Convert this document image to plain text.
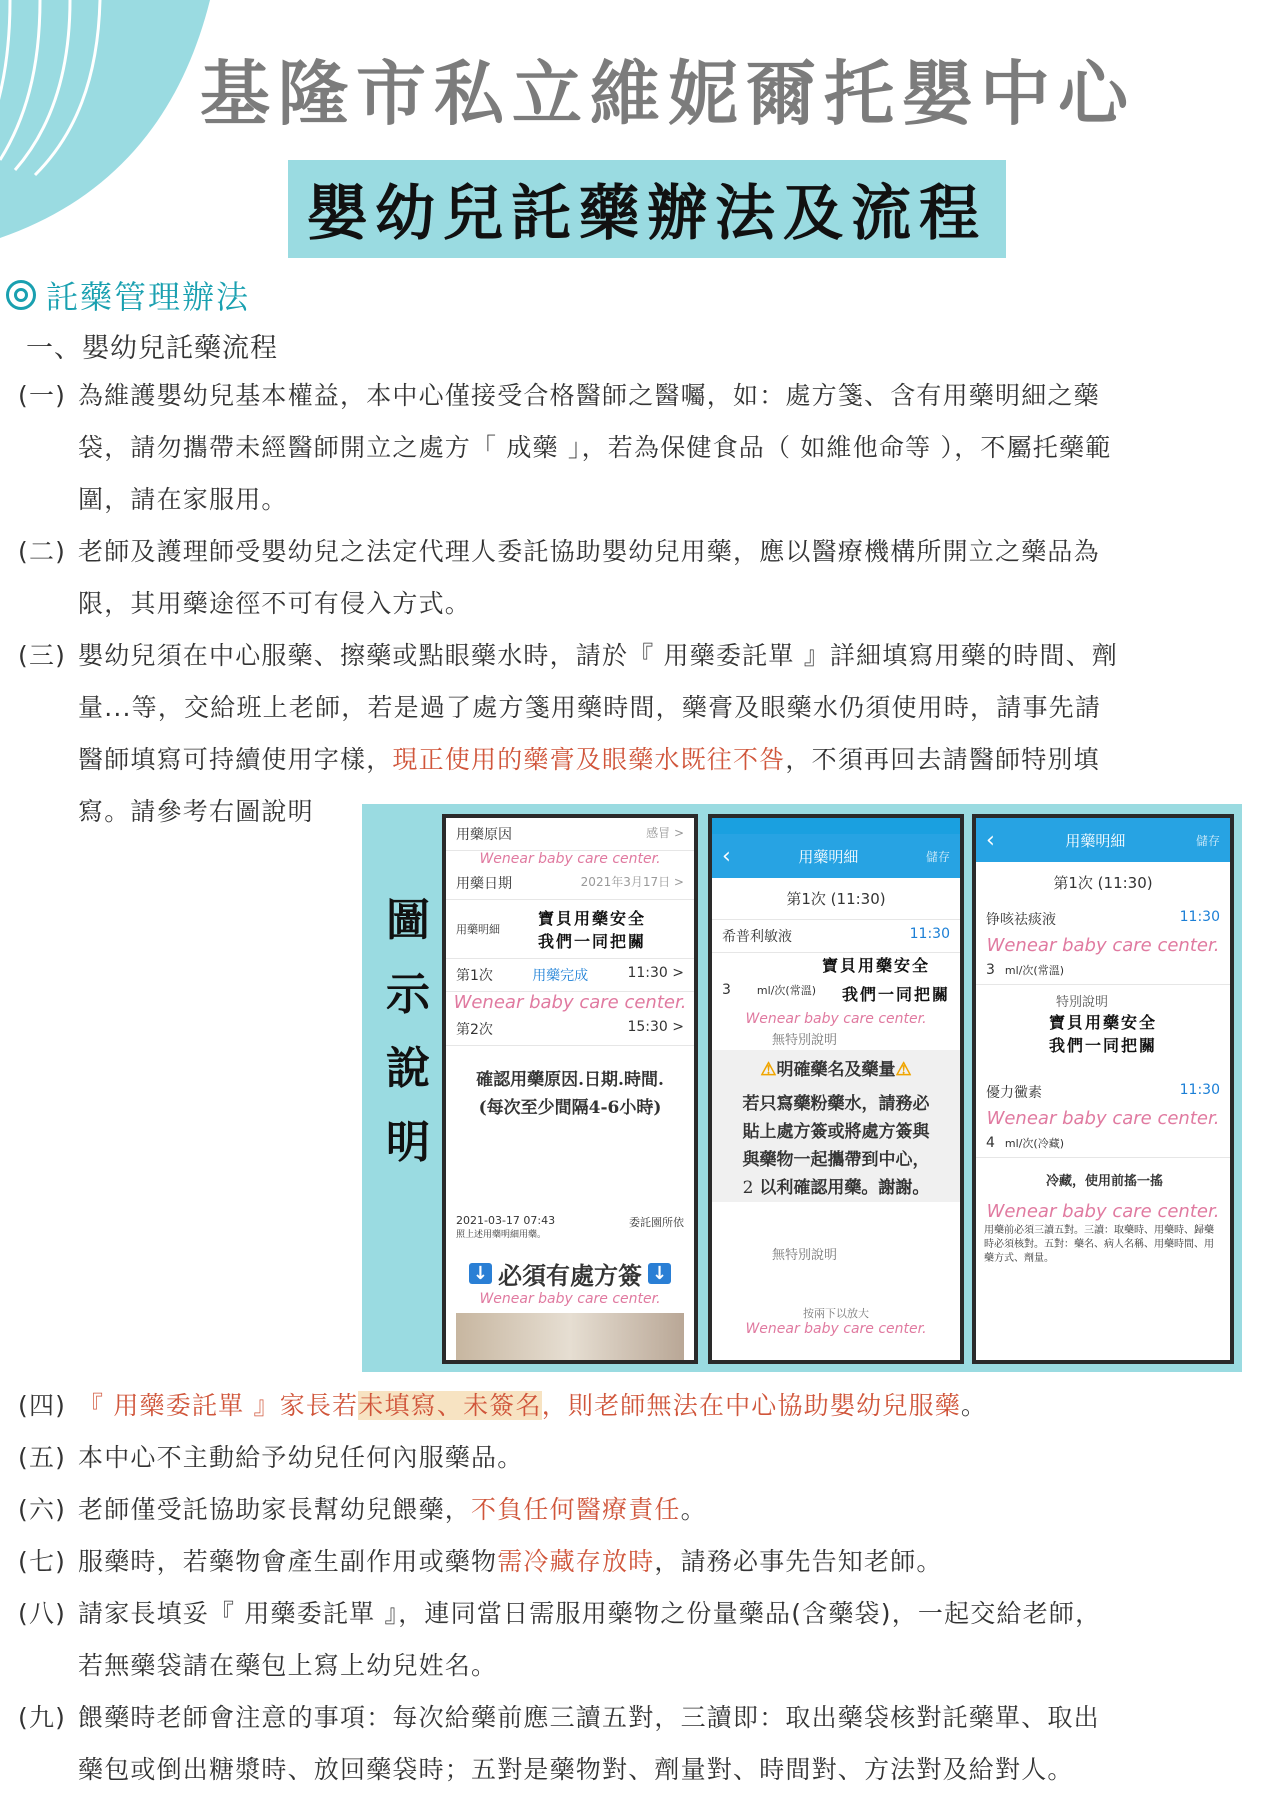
基隆市私立維妮爾托嬰中心
嬰幼兒託藥辦法及流程
託藥管理辦法
一、嬰幼兒託藥流程
(一) 為維護嬰幼兒基本權益，本中心僅接受合格醫師之醫囑，如：處方箋、含有用藥明細之藥
袋，請勿攜帶未經醫師開立之處方「 成藥 」，若為保健食品（ 如維他命等 ），不屬托藥範
圍，請在家服用。
(二) 老師及護理師受嬰幼兒之法定代理人委託協助嬰幼兒用藥，應以醫療機構所開立之藥品為
限，其用藥途徑不可有侵入方式。
(三) 嬰幼兒須在中心服藥、擦藥或點眼藥水時，請於『 用藥委託單 』詳細填寫用藥的時間、劑
量...等，交給班上老師，若是過了處方箋用藥時間，藥膏及眼藥水仍須使用時，請事先請
醫師填寫可持續使用字樣，現正使用的藥膏及眼藥水既往不咎，不須再回去請醫師特別填
寫。請參考右圖說明
圖
示
說
明
用藥原因	感冒 >
Wenear baby care center.
用藥日期	2021年3月17日 >
用藥明細
寶貝用藥安全
我們一同把關
第1次	用藥完成	11:30 >
Wenear baby care center.
第2次	15:30 >
確認用藥原因.日期.時間.
(每次至少間隔4-6小時)
2021-03-17 07:43
照上述用藥明細用藥。
委託園所依
↓ 必須有處方簽 ↓
Wenear baby care center.
‹	用藥明細	儲存
第1次 (11:30)
希普利敏液	11:30
寶貝用藥安全
3 ml/次(常溫) 我們一同把關
Wenear baby care center.
無特別說明
⚠明確藥名及藥量⚠
若只寫藥粉藥水，請務必
貼上處方簽或將處方簽與
與藥物一起攜帶到中心，
2 以利確認用藥。謝謝。
無特別說明
按兩下以放大
Wenear baby care center.
‹	用藥明細	儲存
第1次 (11:30)
铮咳祛痰液	11:30
Wenear baby care center.
3 ml/次(常溫)
特別說明
寶貝用藥安全
我們一同把關
優力黴素	11:30
Wenear baby care center.
4 ml/次(冷藏)
冷藏，使用前搖一搖
Wenear baby care center.
用藥前必須三讀五對。三讀：取藥時、用藥時、歸藥時必須核對。五對：藥名、病人名稱、用藥時間、用藥方式、劑量。
(四) 『 用藥委託單 』家長若未填寫、未簽名，則老師無法在中心協助嬰幼兒服藥。
(五) 本中心不主動給予幼兒任何內服藥品。
(六) 老師僅受託協助家長幫幼兒餵藥，不負任何醫療責任。
(七) 服藥時，若藥物會產生副作用或藥物需冷藏存放時，請務必事先告知老師。
(八) 請家長填妥『 用藥委託單 』，連同當日需服用藥物之份量藥品(含藥袋)，一起交給老師，
若無藥袋請在藥包上寫上幼兒姓名。
(九) 餵藥時老師會注意的事項：每次給藥前應三讀五對，三讀即：取出藥袋核對託藥單、取出
藥包或倒出糖漿時、放回藥袋時；五對是藥物對、劑量對、時間對、方法對及給對人。
